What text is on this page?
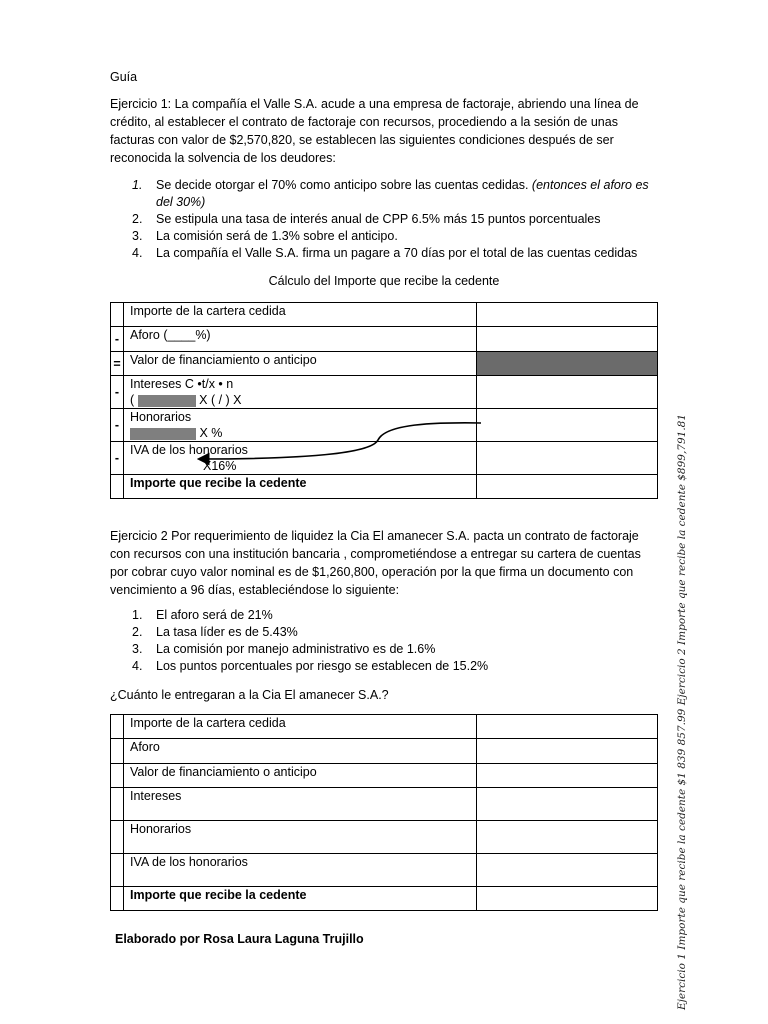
Guía
Ejercicio 1: La compañía el Valle S.A. acude a una empresa de factoraje, abriendo una línea de crédito, al establecer el contrato de factoraje con recursos, procediendo a la sesión de unas facturas con valor de $2,570,820, se establecen las siguientes condiciones después de ser reconocida la solvencia de los deudores:
1. Se decide otorgar el 70% como anticipo sobre las cuentas cedidas. (entonces el aforo es del 30%)
2. Se estipula una tasa de interés anual de CPP 6.5% más 15 puntos porcentuales
3. La comisión será de 1.3% sobre el anticipo.
4. La compañía el Valle S.A. firma un pagare a 70 días por el total de las cuentas cedidas
Cálculo del Importe que recibe la cedente
	Importe de la cartera cedida	
-	Aforo (____%)	
=	Valor de financiamiento o anticipo	
-	Intereses C •t/x • n
( X ( / ) X	

-	Honorarios
X %	

-	IVA de los honorarios
X16%	

	Importe que recibe la cedente	
Ejercicio 2 Por requerimiento de liquidez la Cia El amanecer S.A. pacta un contrato de factoraje con recursos con una institución bancaria , comprometiéndose a entregar su cartera de cuentas por cobrar cuyo valor nominal es de $1,260,800, operación por la que firma un documento con vencimiento a 96 días, estableciéndose lo siguiente:
1. El aforo será de 21%
2. La tasa líder es de 5.43%
3. La comisión por manejo administrativo es de 1.6%
4. Los puntos porcentuales por riesgo se establecen de 15.2%
¿Cuánto le entregaran a la Cia El amanecer S.A.?
	Importe de la cartera cedida	
	Aforo	
	Valor de financiamiento o anticipo	
	Intereses	
	Honorarios	
	IVA de los honorarios	
	Importe que recibe la cedente	
Elaborado por Rosa Laura Laguna Trujillo	Ejercicio 1 Importe que recibe la cedente $1 839 857.99 Ejercicio 2 Importe que recibe la cedente $899,791.81
